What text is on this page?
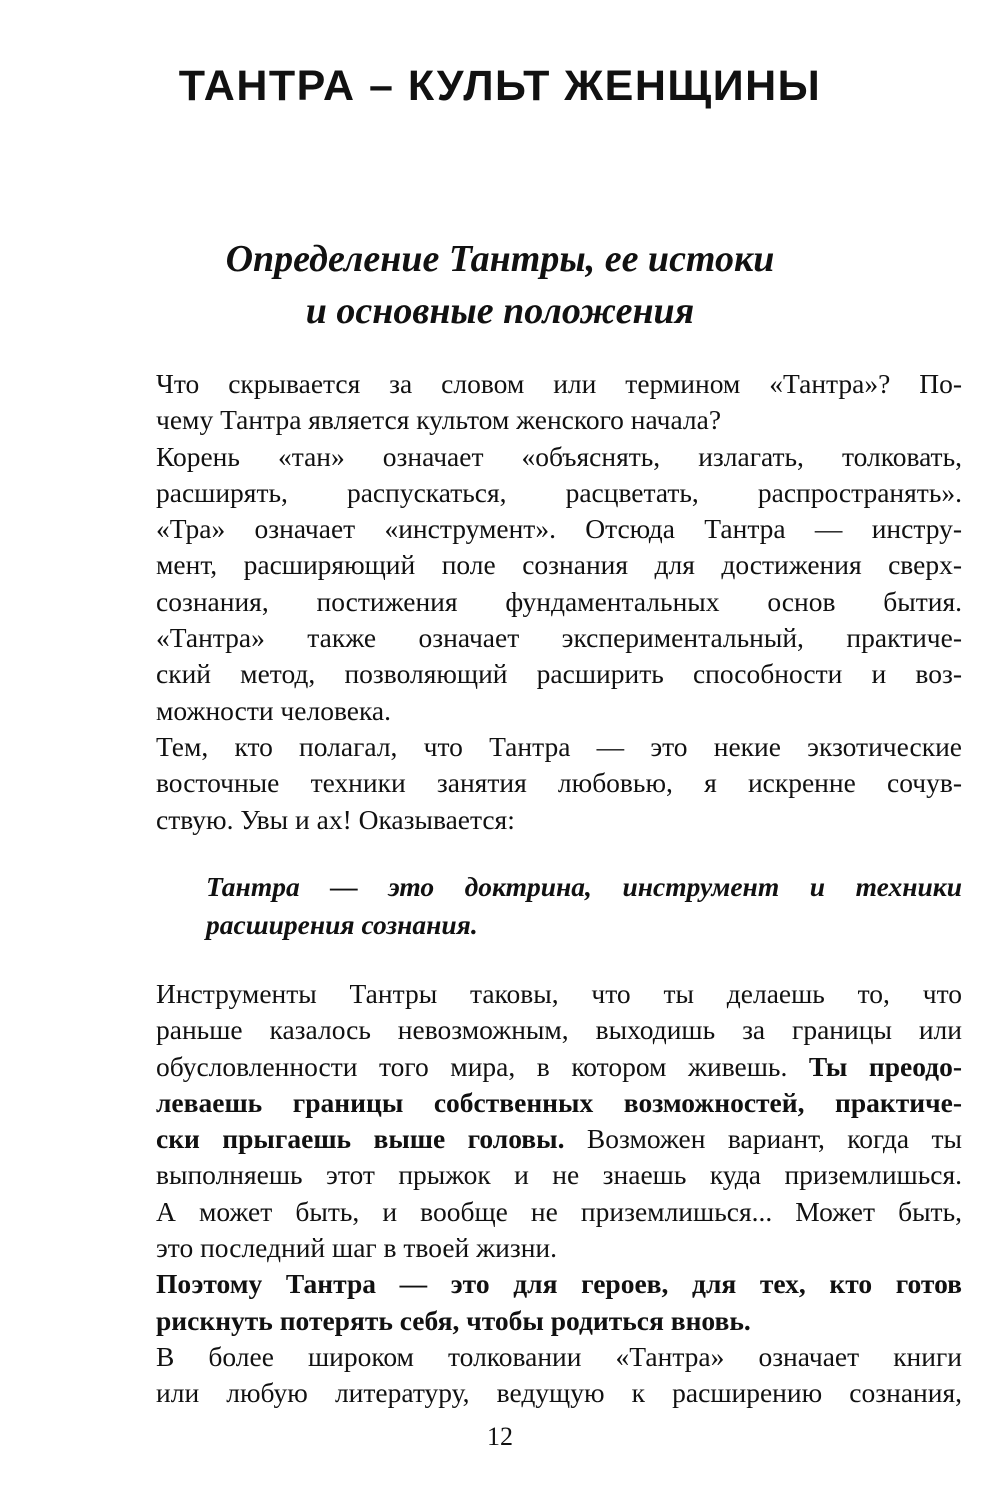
ТАНТРА – КУЛЬТ ЖЕНЩИНЫ
Определение Тантры, ее истоки
и основные положения

Что скрывается за словом или термином «Тантра»? По-
чему Тантра является культом женского начала?

Корень «тан» означает «объяснять, излагать, толковать,
расширять, распускаться, расцветать, распространять».
«Тра» означает «инструмент». Отсюда Тантра — инстру-
мент, расширяющий поле сознания для достижения сверх-
сознания, постижения фундаментальных основ бытия.
«Тантра» также означает экспериментальный, практиче-
ский метод, позволяющий расширить способности и воз-
можности человека.

Тем, кто полагал, что Тантра — это некие экзотические
восточные техники занятия любовью, я искренне сочув-
ствую. Увы и ах! Оказывается:

Тантра — это доктрина, инструмент и техники
расширения сознания.

Инструменты Тантры таковы, что ты делаешь то, что
раньше казалось невозможным, выходишь за границы или
обусловленности того мира, в котором живешь. Ты преодо-
леваешь границы собственных возможностей, практиче-
ски прыгаешь выше головы. Возможен вариант, когда ты
выполняешь этот прыжок и не знаешь куда приземлишься.
А может быть, и вообще не приземлишься... Может быть,
это последний шаг в твоей жизни.

Поэтому Тантра — это для героев, для тех, кто готов
рискнуть потерять себя, чтобы родиться вновь.

В более широком толковании «Тантра» означает книги
или любую литературу, ведущую к расширению сознания,

12
